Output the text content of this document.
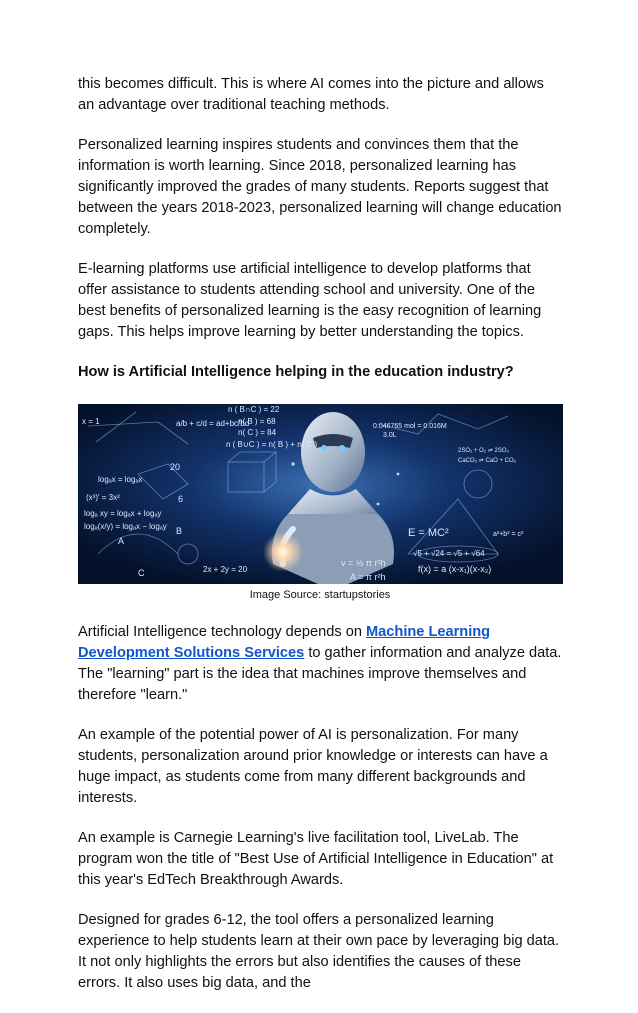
this becomes difficult. This is where AI comes into the picture and allows an advantage over traditional teaching methods.

Personalized learning inspires students and convinces them that the information is worth learning. Since 2018, personalized learning has significantly improved the grades of many students. Reports suggest that between the years 2018-2023, personalized learning will change education completely.

E-learning platforms use artificial intelligence to develop platforms that offer assistance to students attending school and university. One of the best benefits of personalized learning is the easy recognition of learning gaps. This helps improve learning by better understanding the topics.

How is Artificial Intelligence helping in the education industry?
n ( B∩C ) = 22
n( B ) = 68
n( C ) = 84
n ( B∪C ) = n( B ) + n( C )
0.046765 mol = 0.016M
3.0L
20
logₐx = logₐx
logₐ xy = logₐx + logₐy
logₐ(x/y) = logₐx − logₐy
E = MC²
f(x) = a (x-x₁)(x-x₂)
√5 + √24 = √5 + √64
v = ⅓ π r²h
A = π r²h
a²+b² = c²
2SO₂ + O₂ ⇌ 2SO₃
CaCO₃ ⇌ CaO + CO₂
(x³)' = 3x²
a/b + c/d = ad+bc/bd
x = 1
6
B
A
C	2x + 2y = 20
Image Source: startupstories

Artificial Intelligence technology depends on Machine Learning Development Solutions Services to gather information and analyze data. The "learning" part is the idea that machines improve themselves and therefore "learn."

An example of the potential power of AI is personalization. For many students, personalization around prior knowledge or interests can have a huge impact, as students come from many different backgrounds and interests.

An example is Carnegie Learning's live facilitation tool, LiveLab. The program won the title of "Best Use of Artificial Intelligence in Education" at this year's EdTech Breakthrough Awards.

Designed for grades 6-12, the tool offers a personalized learning experience to help students learn at their own pace by leveraging big data. It not only highlights the errors but also identifies the causes of these errors. It also uses big data, and the
